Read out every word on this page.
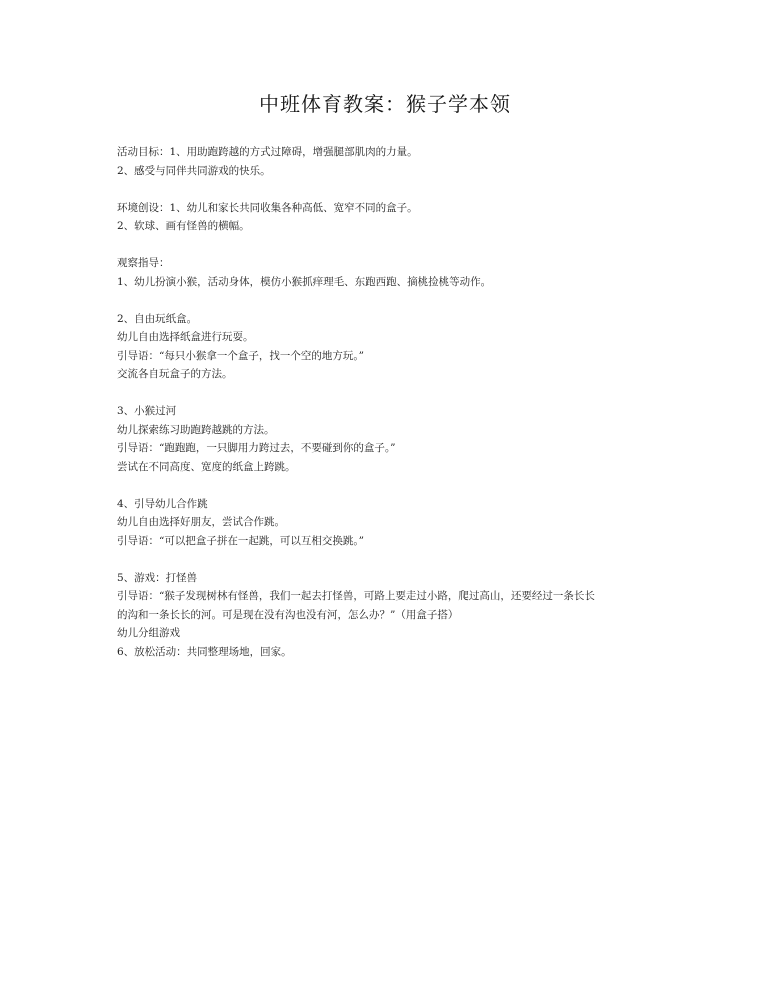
中班体育教案：猴子学本领
活动目标：1、用助跑跨越的方式过障碍，增强腿部肌肉的力量。
2、感受与同伴共同游戏的快乐。
环境创设：1、幼儿和家长共同收集各种高低、宽窄不同的盒子。
2、软球、画有怪兽的横幅。
观察指导：
1、幼儿扮演小猴，活动身体，模仿小猴抓痒理毛、东跑西跑、摘桃捡桃等动作。
2、自由玩纸盒。
幼儿自由选择纸盒进行玩耍。
引导语：“每只小猴拿一个盒子，找一个空的地方玩。”
交流各自玩盒子的方法。
3、小猴过河
幼儿探索练习助跑跨越跳的方法。
引导语：“跑跑跑，一只脚用力跨过去，不要碰到你的盒子。”
尝试在不同高度、宽度的纸盒上跨跳。
4、引导幼儿合作跳
幼儿自由选择好朋友，尝试合作跳。
引导语：“可以把盒子拼在一起跳，可以互相交换跳。”
5、游戏：打怪兽
引导语：“猴子发现树林有怪兽，我们一起去打怪兽，可路上要走过小路，爬过高山，还要经过一条长长
的沟和一条长长的河。可是现在没有沟也没有河，怎么办？”（用盒子搭）
幼儿分组游戏
6、放松活动：共同整理场地，回家。
